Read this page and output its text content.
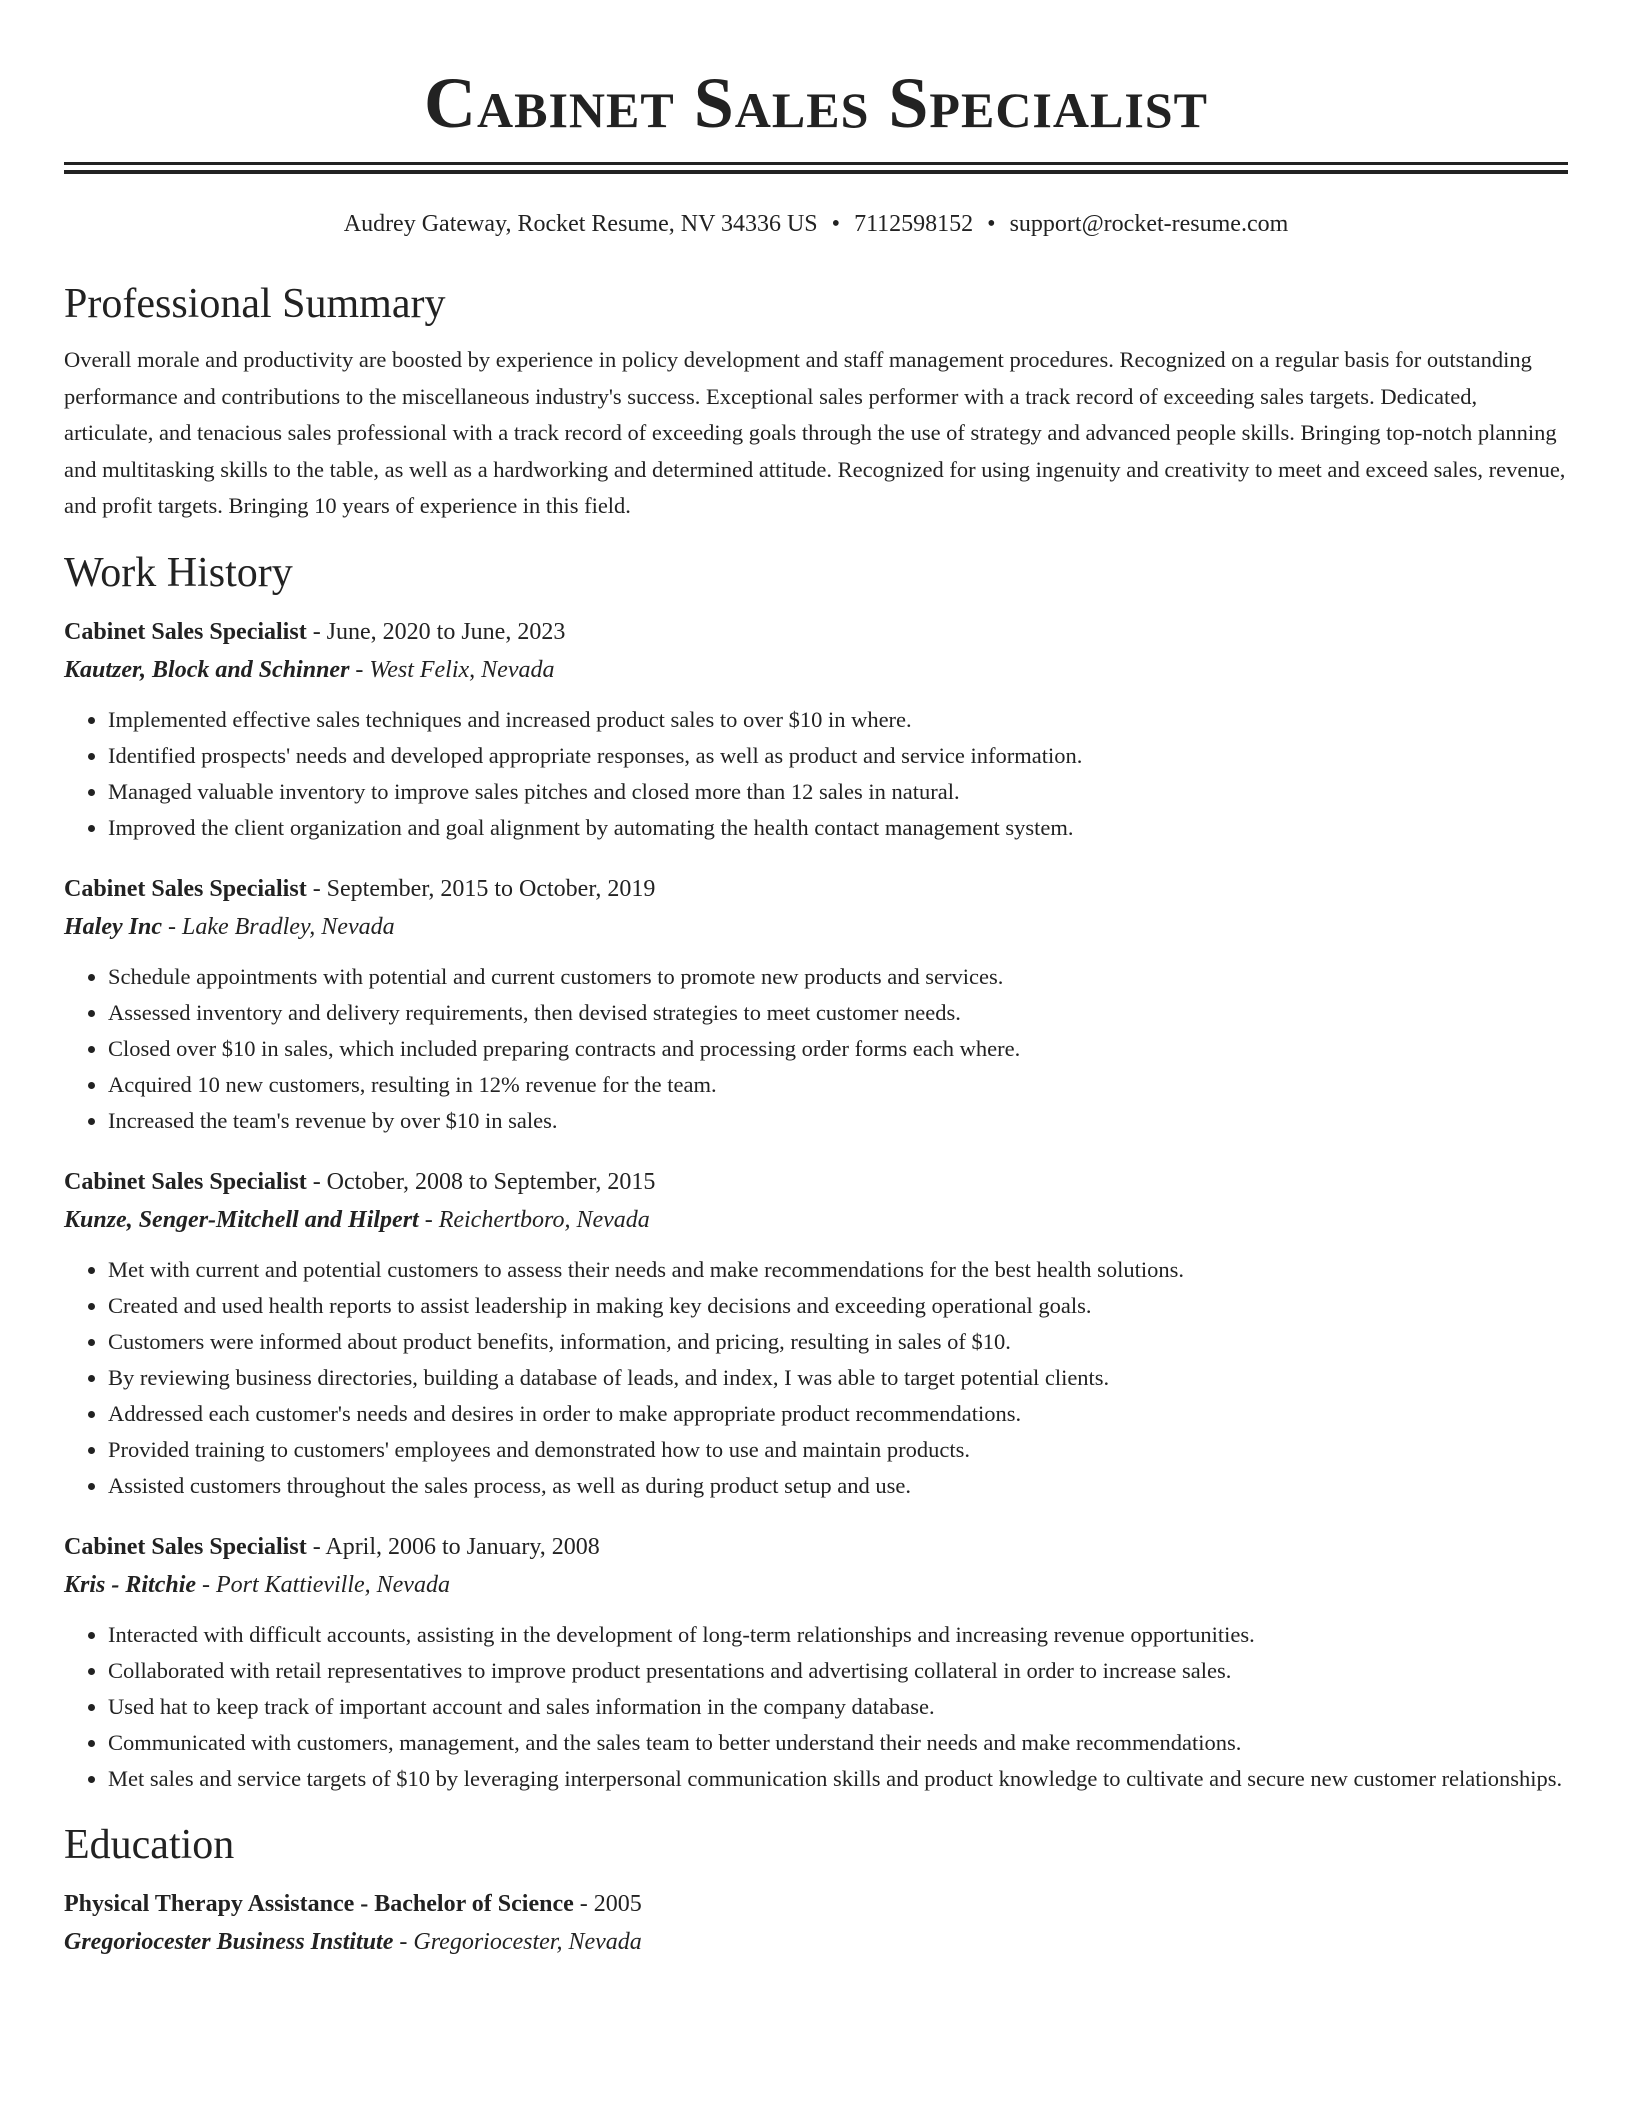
Cabinet Sales Specialist
Audrey Gateway, Rocket Resume, NV 34336 US • 7112598152 • support@rocket-resume.com
Professional Summary

Overall morale and productivity are boosted by experience in policy development and staff management procedures. Recognized on a regular basis for outstanding performance and contributions to the miscellaneous industry's success. Exceptional sales performer with a track record of exceeding sales targets. Dedicated, articulate, and tenacious sales professional with a track record of exceeding goals through the use of strategy and advanced people skills. Bringing top-notch planning and multitasking skills to the table, as well as a hardworking and determined attitude. Recognized for using ingenuity and creativity to meet and exceed sales, revenue, and profit targets. Bringing 10 years of experience in this field.

Work History
Cabinet Sales Specialist - June, 2020 to June, 2023
Kautzer, Block and Schinner - West Felix, Nevada
• Implemented effective sales techniques and increased product sales to over $10 in where.
• Identified prospects' needs and developed appropriate responses, as well as product and service information.
• Managed valuable inventory to improve sales pitches and closed more than 12 sales in natural.
• Improved the client organization and goal alignment by automating the health contact management system.
Cabinet Sales Specialist - September, 2015 to October, 2019
Haley Inc - Lake Bradley, Nevada
• Schedule appointments with potential and current customers to promote new products and services.
• Assessed inventory and delivery requirements, then devised strategies to meet customer needs.
• Closed over $10 in sales, which included preparing contracts and processing order forms each where.
• Acquired 10 new customers, resulting in 12% revenue for the team.
• Increased the team's revenue by over $10 in sales.
Cabinet Sales Specialist - October, 2008 to September, 2015
Kunze, Senger-Mitchell and Hilpert - Reichertboro, Nevada
• Met with current and potential customers to assess their needs and make recommendations for the best health solutions.
• Created and used health reports to assist leadership in making key decisions and exceeding operational goals.
• Customers were informed about product benefits, information, and pricing, resulting in sales of $10.
• By reviewing business directories, building a database of leads, and index, I was able to target potential clients.
• Addressed each customer's needs and desires in order to make appropriate product recommendations.
• Provided training to customers' employees and demonstrated how to use and maintain products.
• Assisted customers throughout the sales process, as well as during product setup and use.
Cabinet Sales Specialist - April, 2006 to January, 2008
Kris - Ritchie - Port Kattieville, Nevada
• Interacted with difficult accounts, assisting in the development of long-term relationships and increasing revenue opportunities.
• Collaborated with retail representatives to improve product presentations and advertising collateral in order to increase sales.
• Used hat to keep track of important account and sales information in the company database.
• Communicated with customers, management, and the sales team to better understand their needs and make recommendations.
• Met sales and service targets of $10 by leveraging interpersonal communication skills and product knowledge to cultivate and secure new customer relationships.
Education
Physical Therapy Assistance - Bachelor of Science - 2005
Gregoriocester Business Institute - Gregoriocester, Nevada
